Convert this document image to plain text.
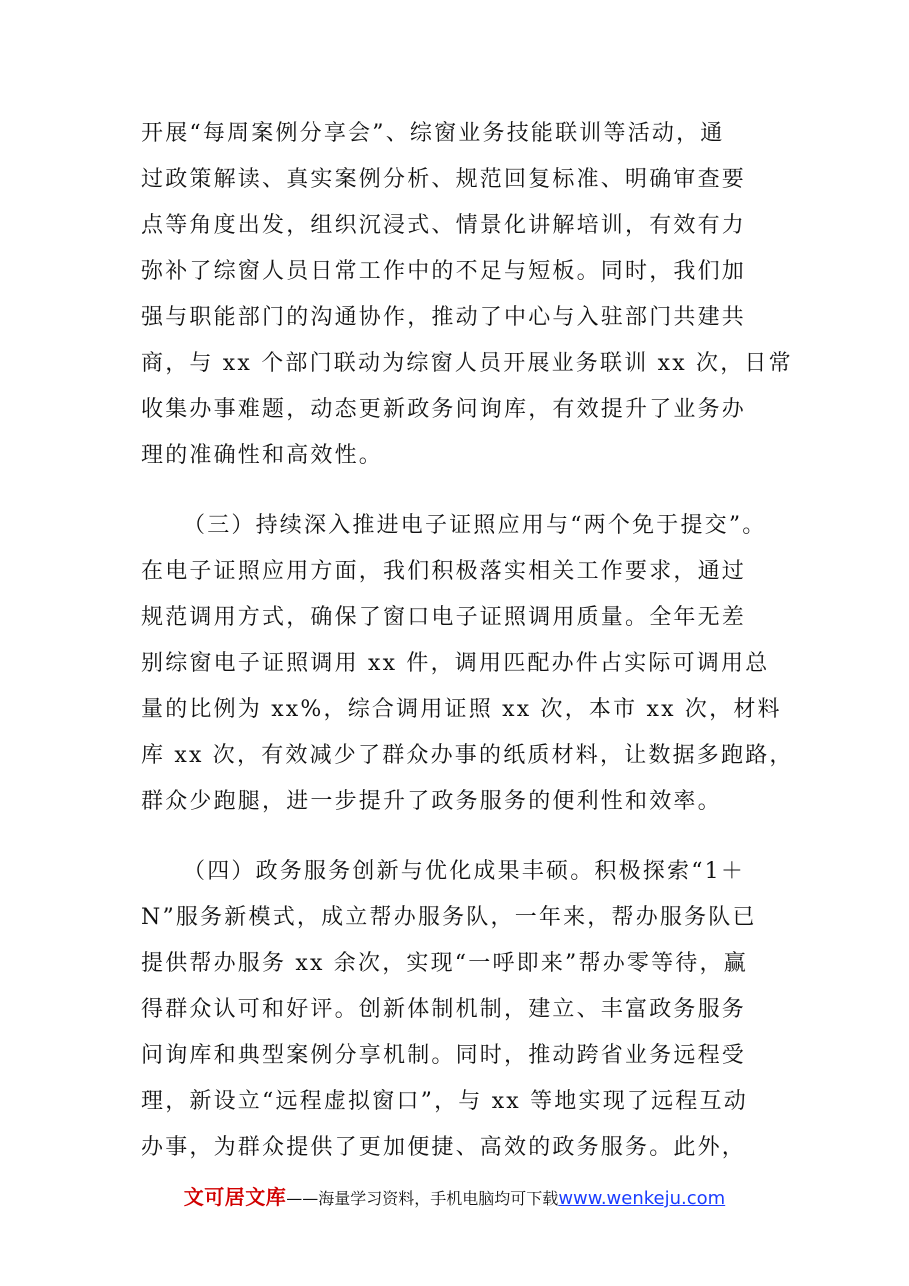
开展“每周案例分享会”、综窗业务技能联训等活动，通
过政策解读、真实案例分析、规范回复标准、明确审查要
点等角度出发，组织沉浸式、情景化讲解培训，有效有力
弥补了综窗人员日常工作中的不足与短板。同时，我们加
强与职能部门的沟通协作，推动了中心与入驻部门共建共
商，与 xx 个部门联动为综窗人员开展业务联训 xx 次，日常
收集办事难题，动态更新政务问询库，有效提升了业务办
理的准确性和高效性。
（三）持续深入推进电子证照应用与“两个免于提交”。
在电子证照应用方面，我们积极落实相关工作要求，通过
规范调用方式，确保了窗口电子证照调用质量。全年无差
别综窗电子证照调用 xx 件，调用匹配办件占实际可调用总
量的比例为 xx%，综合调用证照 xx 次，本市 xx 次，材料
库 xx 次，有效减少了群众办事的纸质材料，让数据多跑路，
群众少跑腿，进一步提升了政务服务的便利性和效率。
（四）政务服务创新与优化成果丰硕。积极探索“1＋
N”服务新模式，成立帮办服务队，一年来，帮办服务队已
提供帮办服务 xx 余次，实现“一呼即来”帮办零等待，赢
得群众认可和好评。创新体制机制，建立、丰富政务服务
问询库和典型案例分享机制。同时，推动跨省业务远程受
理，新设立“远程虚拟窗口”，与 xx 等地实现了远程互动
办事，为群众提供了更加便捷、高效的政务服务。此外，
文可居文库——海量学习资料，手机电脑均可下载www.wenkeju.com
